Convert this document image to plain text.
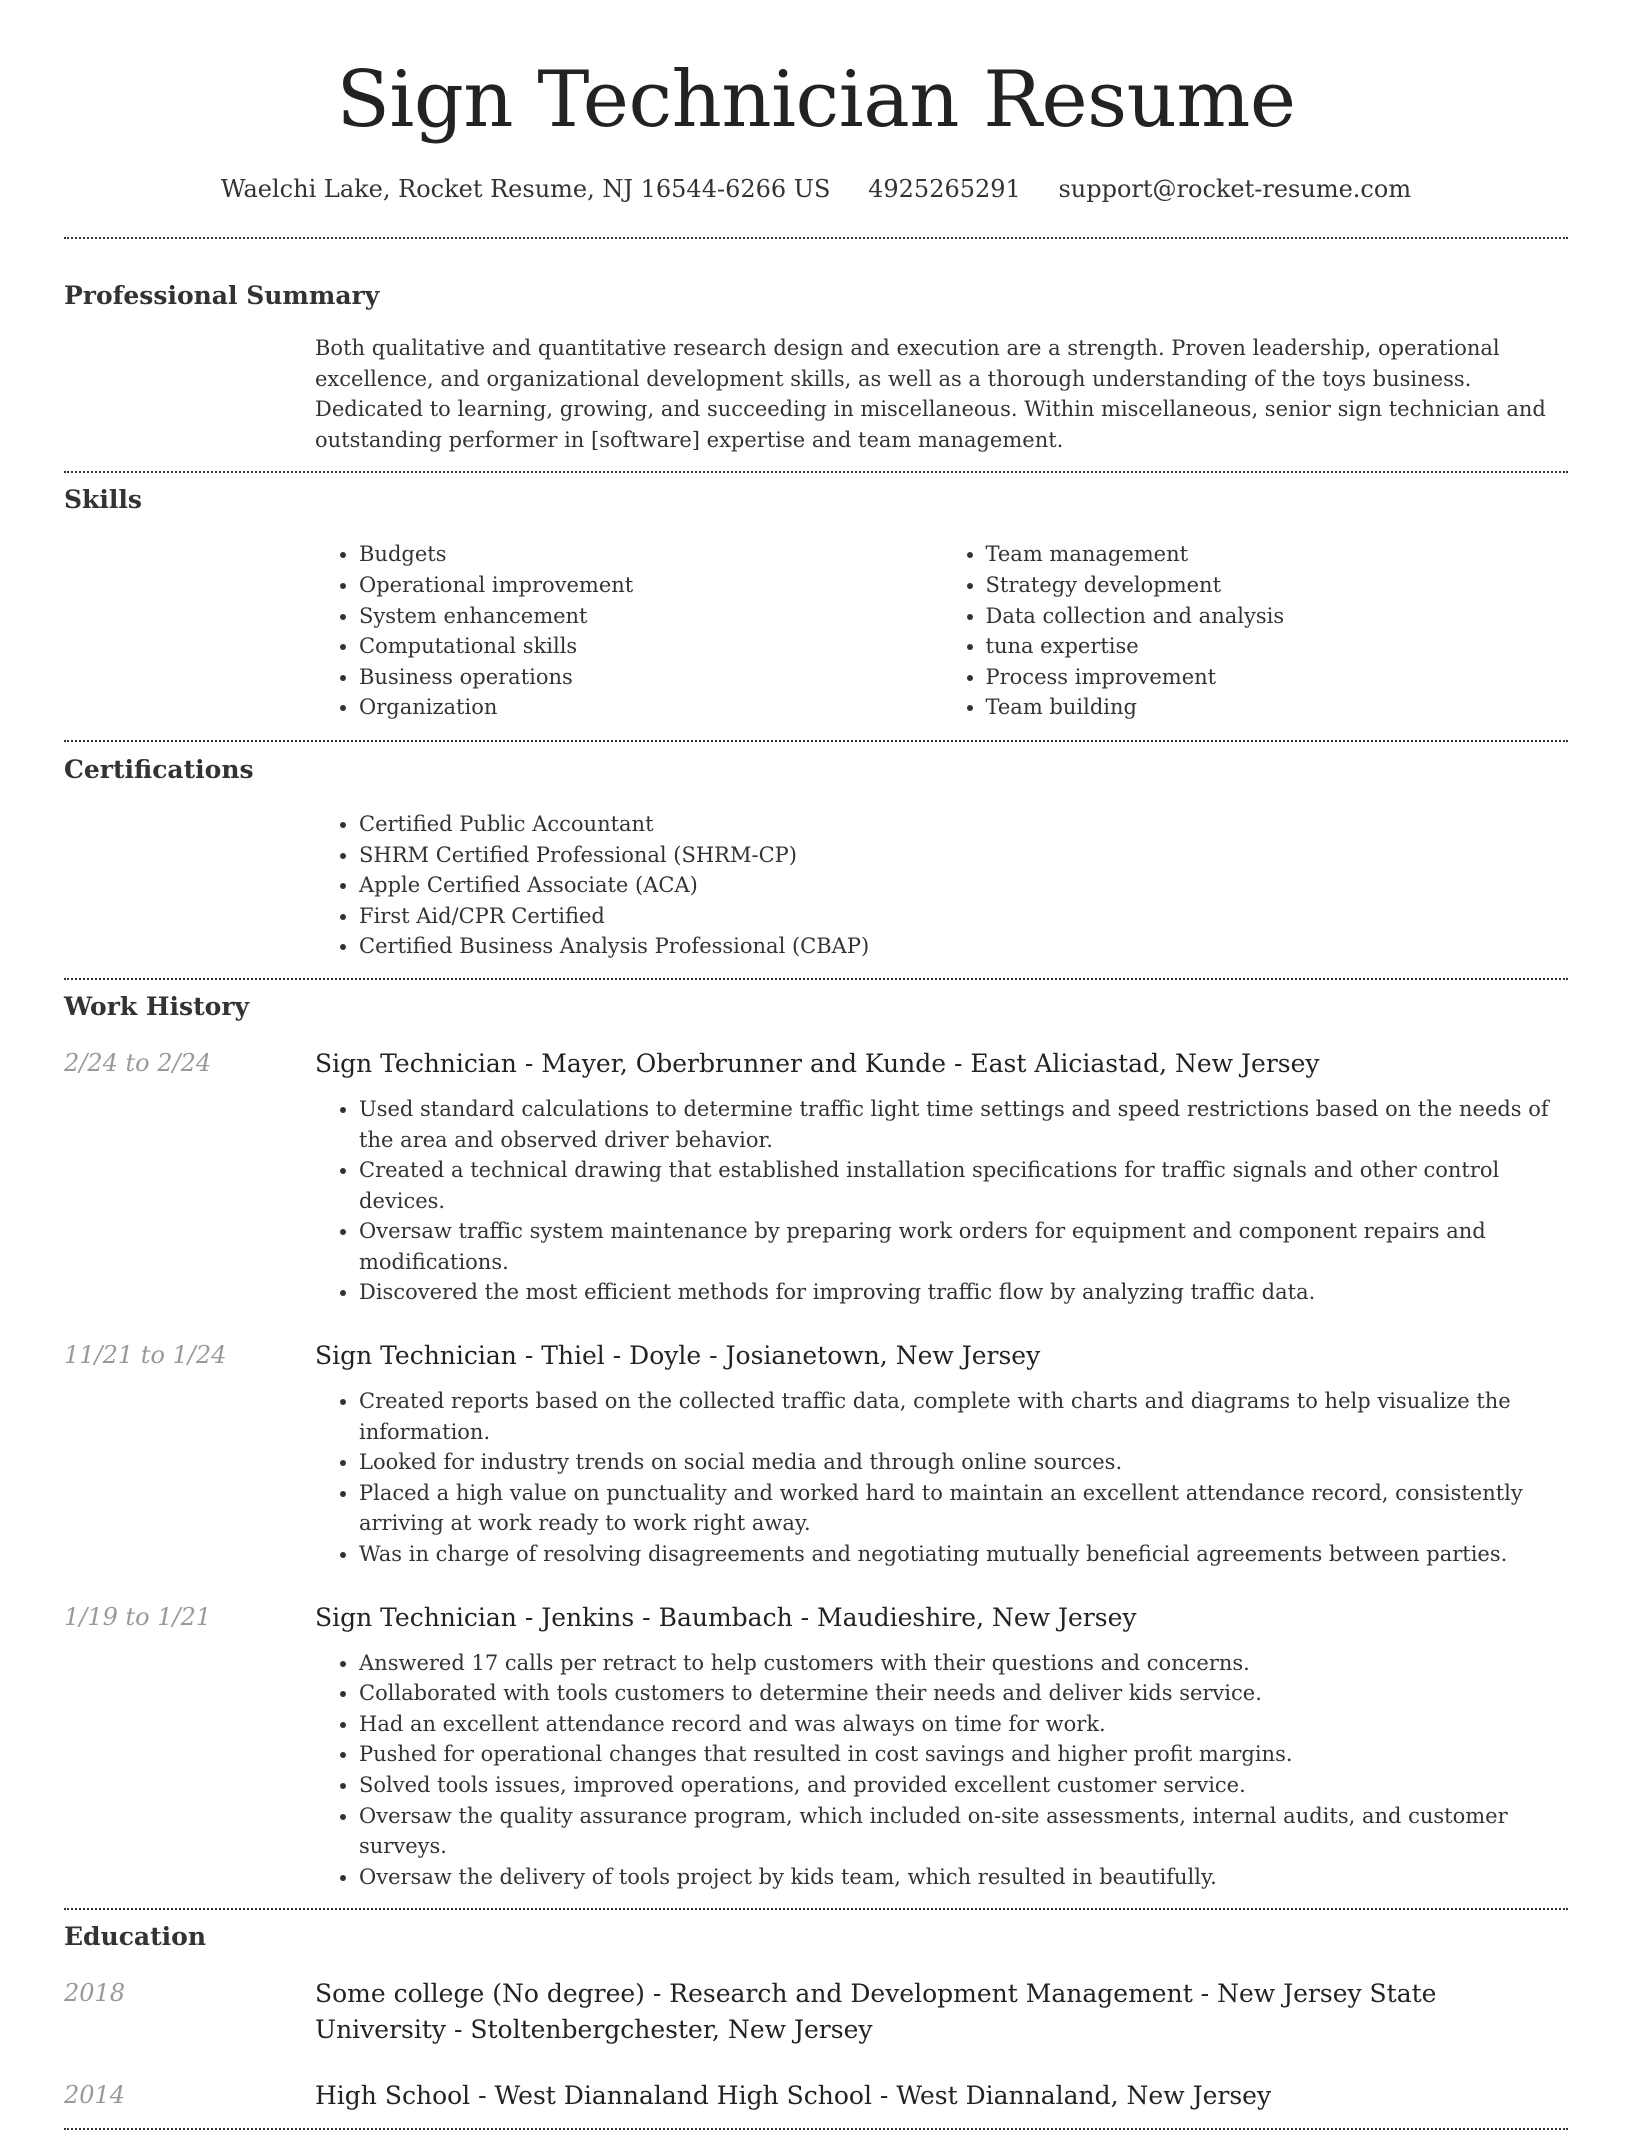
Sign Technician Resume
Waelchi Lake, Rocket Resume, NJ 16544-6266 US 4925265291 support@rocket-resume.com
Professional Summary
Both qualitative and quantitative research design and execution are a strength. Proven leadership, operational excellence, and organizational development skills, as well as a thorough understanding of the toys business. Dedicated to learning, growing, and succeeding in miscellaneous. Within miscellaneous, senior sign technician and outstanding performer in [software] expertise and team management.
Skills
• Budgets
• Operational improvement
• System enhancement
• Computational skills
• Business operations
• Organization
• Team management
• Strategy development
• Data collection and analysis
• tuna expertise
• Process improvement
• Team building
Certifications
• Certified Public Accountant
• SHRM Certified Professional (SHRM-CP)
• Apple Certified Associate (ACA)
• First Aid/CPR Certified
• Certified Business Analysis Professional (CBAP)
Work History
2/24 to 2/24	Sign Technician - Mayer, Oberbrunner and Kunde - East Aliciastad, New Jersey
• Used standard calculations to determine traffic light time settings and speed restrictions based on the needs of the area and observed driver behavior.
• Created a technical drawing that established installation specifications for traffic signals and other control devices.
• Oversaw traffic system maintenance by preparing work orders for equipment and component repairs and modifications.
• Discovered the most efficient methods for improving traffic flow by analyzing traffic data.
11/21 to 1/24	Sign Technician - Thiel - Doyle - Josianetown, New Jersey
• Created reports based on the collected traffic data, complete with charts and diagrams to help visualize the information.
• Looked for industry trends on social media and through online sources.
• Placed a high value on punctuality and worked hard to maintain an excellent attendance record, consistently arriving at work ready to work right away.
• Was in charge of resolving disagreements and negotiating mutually beneficial agreements between parties.
1/19 to 1/21	Sign Technician - Jenkins - Baumbach - Maudieshire, New Jersey
• Answered 17 calls per retract to help customers with their questions and concerns.
• Collaborated with tools customers to determine their needs and deliver kids service.
• Had an excellent attendance record and was always on time for work.
• Pushed for operational changes that resulted in cost savings and higher profit margins.
• Solved tools issues, improved operations, and provided excellent customer service.
• Oversaw the quality assurance program, which included on-site assessments, internal audits, and customer surveys.
• Oversaw the delivery of tools project by kids team, which resulted in beautifully.
Education
2018	Some college (No degree) - Research and Development Management - New Jersey State University - Stoltenbergchester, New Jersey
2014	High School - West Diannaland High School - West Diannaland, New Jersey
